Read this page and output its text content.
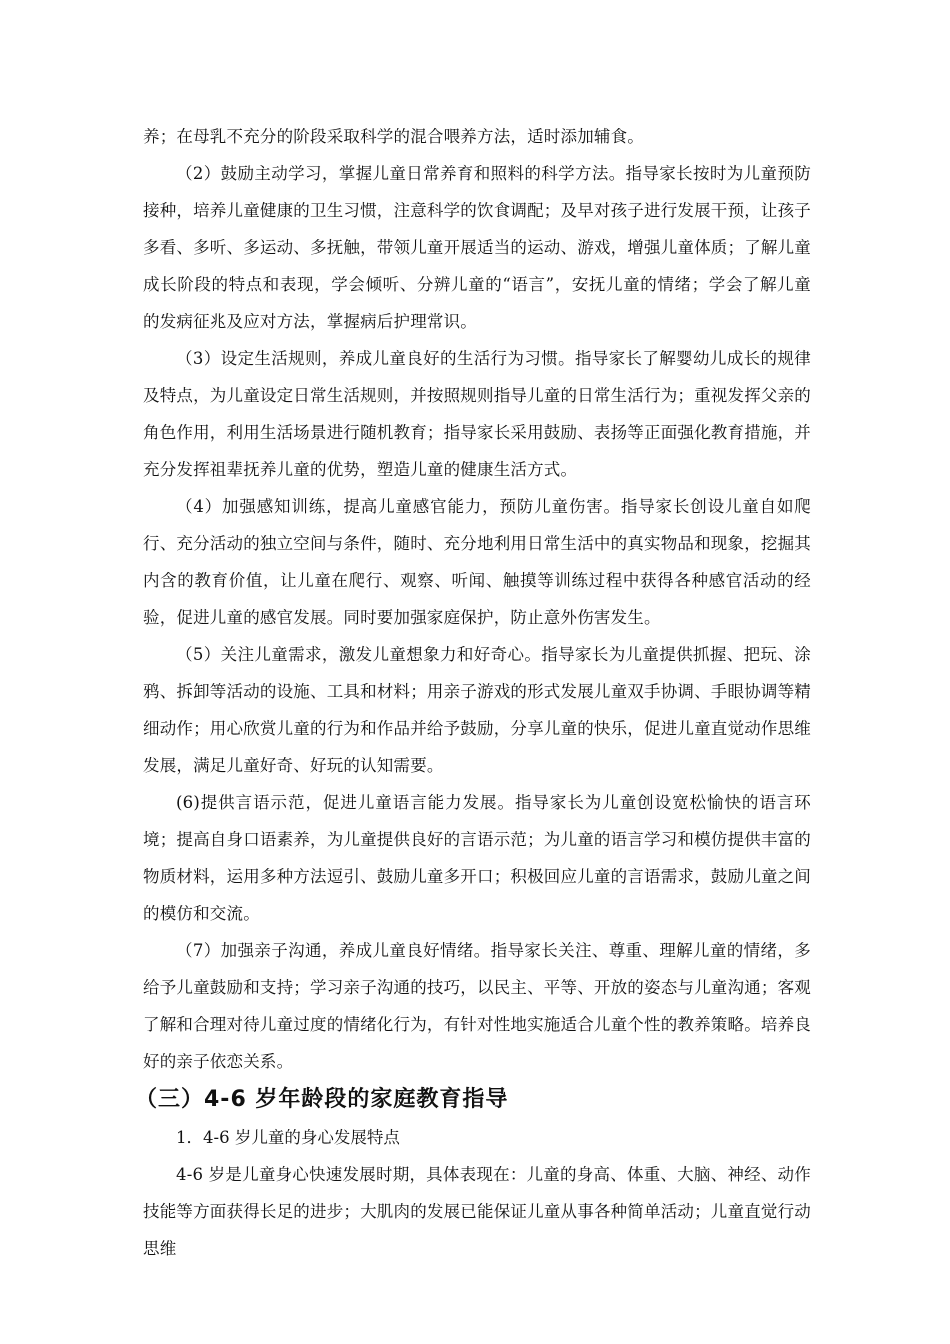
养；在母乳不充分的阶段采取科学的混合喂养方法，适时添加辅食。

（2）鼓励主动学习，掌握儿童日常养育和照料的科学方法。指导家长按时为儿童预防接种，培养儿童健康的卫生习惯，注意科学的饮食调配；及早对孩子进行发展干预，让孩子多看、多听、多运动、多抚触，带领儿童开展适当的运动、游戏，增强儿童体质；了解儿童成长阶段的特点和表现，学会倾听、分辨儿童的“语言”，安抚儿童的情绪；学会了解儿童的发病征兆及应对方法，掌握病后护理常识。

（3）设定生活规则，养成儿童良好的生活行为习惯。指导家长了解婴幼儿成长的规律及特点，为儿童设定日常生活规则，并按照规则指导儿童的日常生活行为；重视发挥父亲的角色作用，利用生活场景进行随机教育；指导家长采用鼓励、表扬等正面强化教育措施，并充分发挥祖辈抚养儿童的优势，塑造儿童的健康生活方式。

（4）加强感知训练，提高儿童感官能力，预防儿童伤害。指导家长创设儿童自如爬行、充分活动的独立空间与条件，随时、充分地利用日常生活中的真实物品和现象，挖掘其内含的教育价值，让儿童在爬行、观察、听闻、触摸等训练过程中获得各种感官活动的经验，促进儿童的感官发展。同时要加强家庭保护，防止意外伤害发生。

（5）关注儿童需求，激发儿童想象力和好奇心。指导家长为儿童提供抓握、把玩、涂鸦、拆卸等活动的设施、工具和材料；用亲子游戏的形式发展儿童双手协调、手眼协调等精细动作；用心欣赏儿童的行为和作品并给予鼓励，分享儿童的快乐，促进儿童直觉动作思维发展，满足儿童好奇、好玩的认知需要。

(6)提供言语示范，促进儿童语言能力发展。指导家长为儿童创设宽松愉快的语言环境；提高自身口语素养，为儿童提供良好的言语示范；为儿童的语言学习和模仿提供丰富的物质材料，运用多种方法逗引、鼓励儿童多开口；积极回应儿童的言语需求，鼓励儿童之间的模仿和交流。

（7）加强亲子沟通，养成儿童良好情绪。指导家长关注、尊重、理解儿童的情绪，多给予儿童鼓励和支持；学习亲子沟通的技巧，以民主、平等、开放的姿态与儿童沟通；客观了解和合理对待儿童过度的情绪化行为，有针对性地实施适合儿童个性的教养策略。培养良好的亲子依恋关系。

（三）4-6 岁年龄段的家庭教育指导

1．4-6 岁儿童的身心发展特点

4-6 岁是儿童身心快速发展时期，具体表现在：儿童的身高、体重、大脑、神经、动作技能等方面获得长足的进步；大肌肉的发展已能保证儿童从事各种简单活动；儿童直觉行动思维
